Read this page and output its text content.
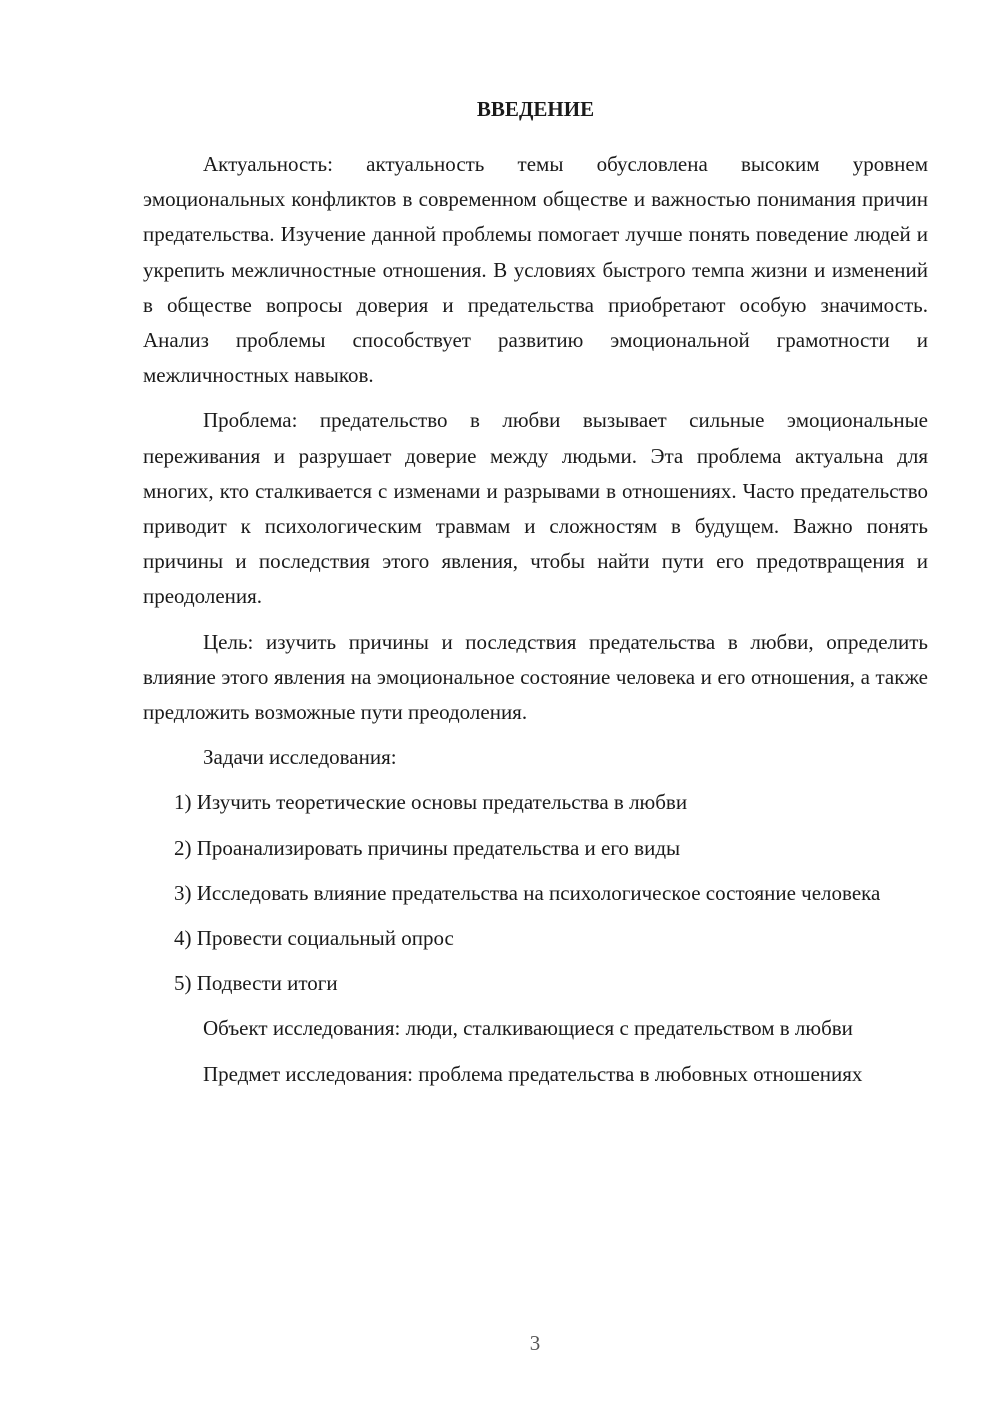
ВВЕДЕНИЕ

Актуальность: актуальность темы обусловлена высоким уровнем эмоциональных конфликтов в современном обществе и важностью понимания причин предательства. Изучение данной проблемы помогает лучше понять поведение людей и укрепить межличностные отношения. В условиях быстрого темпа жизни и изменений в обществе вопросы доверия и предательства приобретают особую значимость. Анализ проблемы способствует развитию эмоциональной грамотности и межличностных навыков.

Проблема: предательство в любви вызывает сильные эмоциональные переживания и разрушает доверие между людьми. Эта проблема актуальна для многих, кто сталкивается с изменами и разрывами в отношениях. Часто предательство приводит к психологическим травмам и сложностям в будущем. Важно понять причины и последствия этого явления, чтобы найти пути его предотвращения и преодоления.

Цель: изучить причины и последствия предательства в любви, определить влияние этого явления на эмоциональное состояние человека и его отношения, а также предложить возможные пути преодоления.

Задачи исследования:

1) Изучить теоретические основы предательства в любви

2) Проанализировать причины предательства и его виды

3) Исследовать влияние предательства на психологическое состояние человека

4) Провести социальный опрос

5) Подвести итоги

Объект исследования: люди, сталкивающиеся с предательством в любви

Предмет исследования: проблема предательства в любовных отношениях

3
